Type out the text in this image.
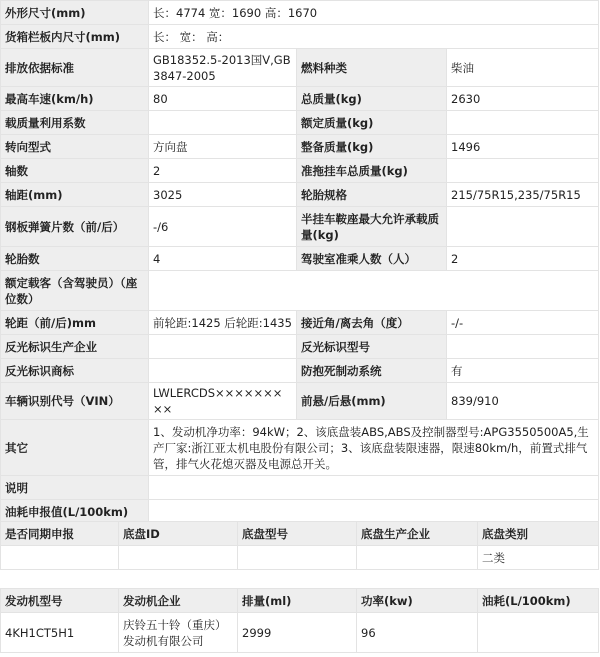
外形尺寸(mm)	长：4774 宽：1690 高：1670		
货箱栏板内尺寸(mm)	长： 宽： 高：		
排放依据标准	GB18352.5-2013国Ⅴ,GB3847-2005	燃料种类	柴油
最高车速(km/h)	80	总质量(kg)	2630
载质量利用系数		额定质量(kg)	
转向型式	方向盘	整备质量(kg)	1496
轴数	2	准拖挂车总质量(kg)	
轴距(mm)	3025	轮胎规格	215/75R15,235/75R15
钢板弹簧片数（前/后）	-/6	半挂车鞍座最大允许承载质量(kg)	
轮胎数	4	驾驶室准乘人数（人）	2
额定载客（含驾驶员）（座位数）			
轮距（前/后)mm	前轮距:1425 后轮距:1435	接近角/离去角（度）	-/-
反光标识生产企业		反光标识型号	
反光标识商标		防抱死制动系统	有
车辆识别代号（VIN）	LWLERCDS×××××××××	前悬/后悬(mm)	839/910
其它	1、发动机净功率：94kW；2、该底盘装ABS,ABS及控制器型号:APG3550500A5,生产厂家:浙江亚太机电股份有限公司；3、该底盘装限速器，限速80km/h，前置式排气管，排气火花熄灭器及电源总开关。		
说明			
油耗申报值(L/100km)			
是否同期申报	底盘ID	底盘型号	底盘生产企业	底盘类别
				二类
发动机型号	发动机企业	排量(ml)	功率(kw)	油耗(L/100km)
4KH1CT5H1	庆铃五十铃（重庆）发动机有限公司	2999	96	
